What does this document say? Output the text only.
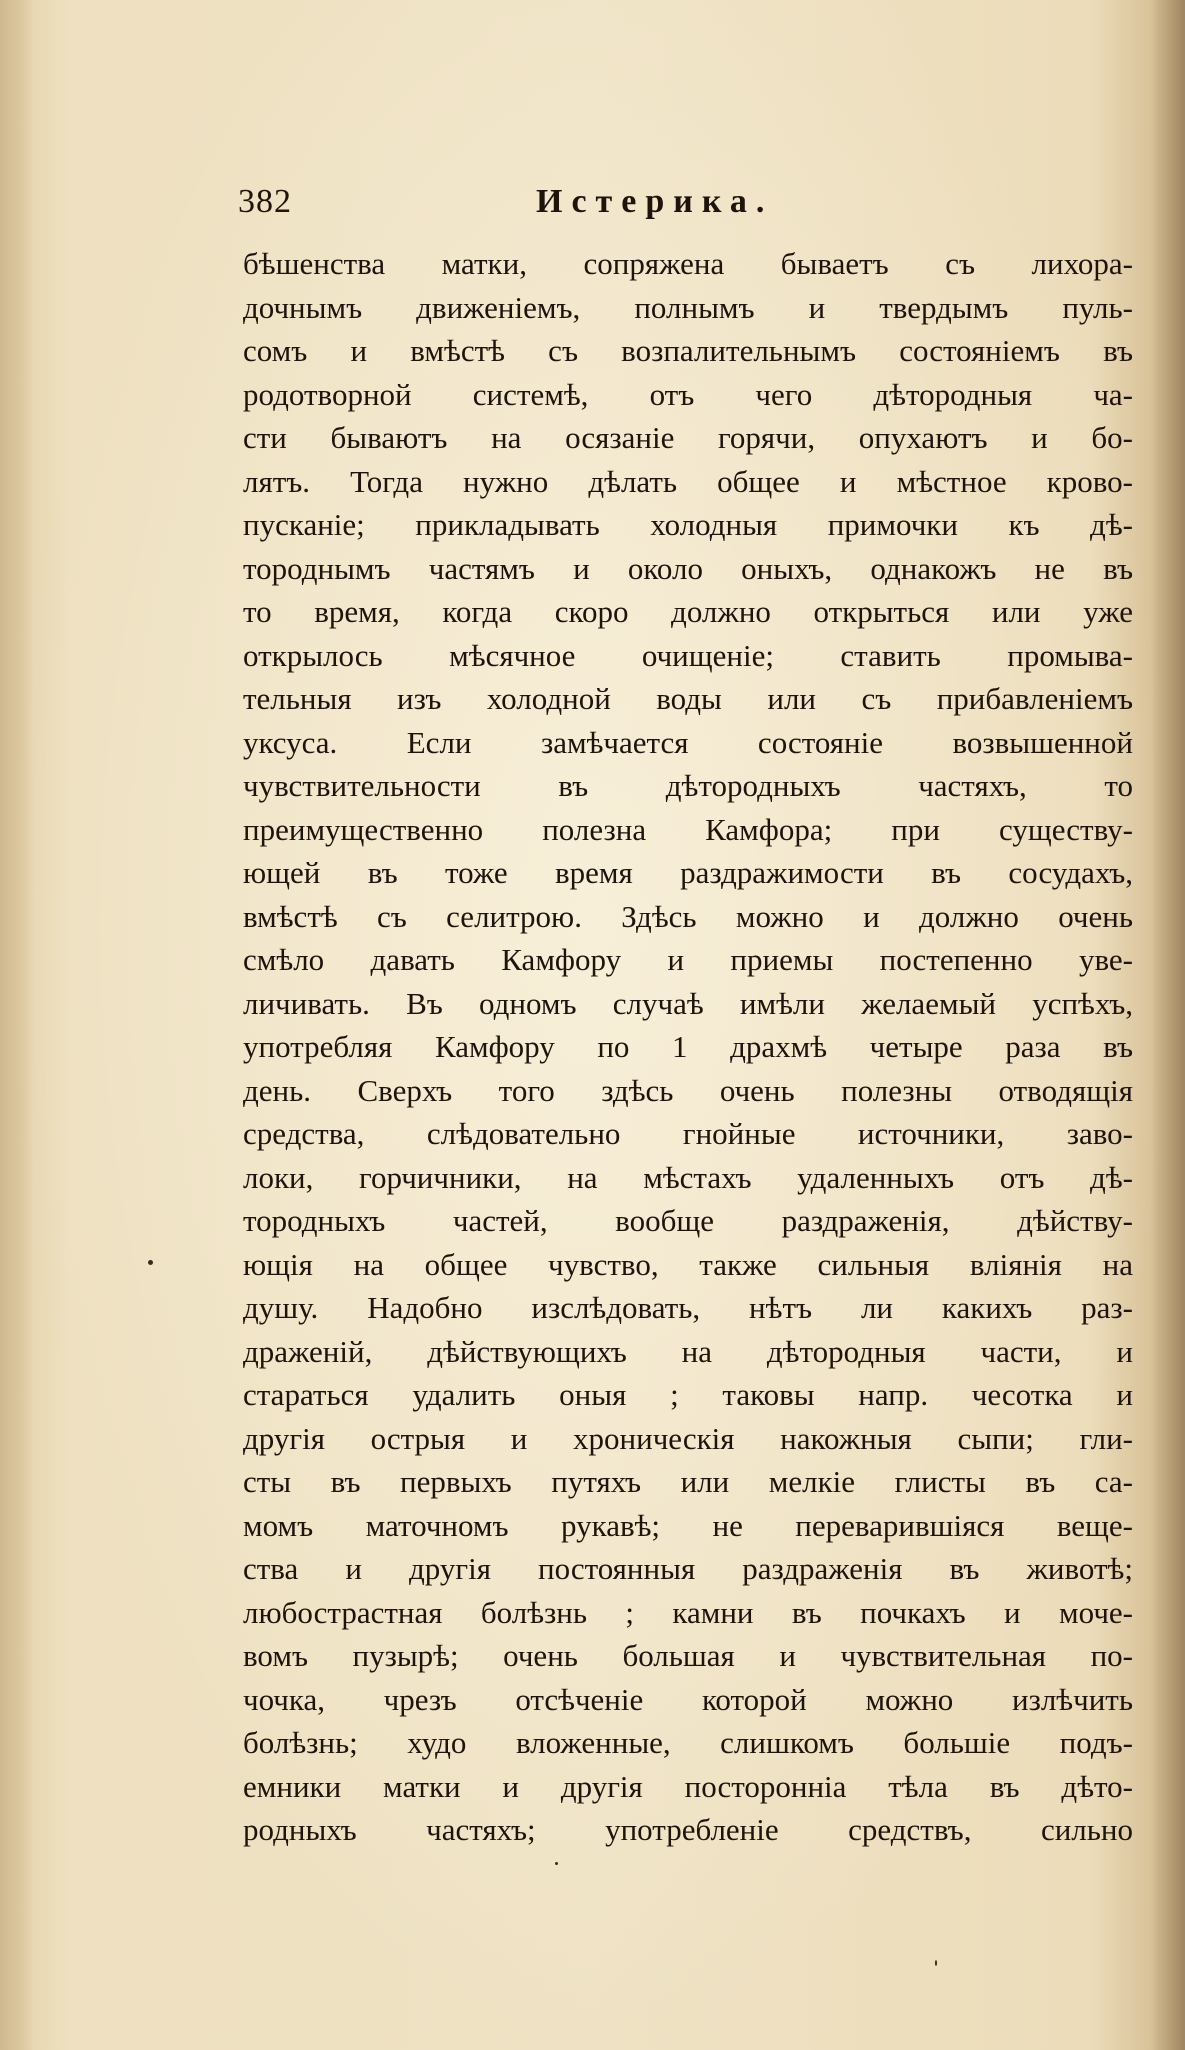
382	Истерика.
бѣшенства матки, сопряжена бываетъ съ лихора-
дочнымъ движеніемъ, полнымъ и твердымъ пуль-
сомъ и вмѣстѣ съ возпалительнымъ состояніемъ въ
родотворной системѣ, отъ чего дѣтородныя ча-
сти бываютъ на осязаніе горячи, опухаютъ и бо-
лятъ. Тогда нужно дѣлать общее и мѣстное крово-
пусканіе; прикладывать холодныя примочки къ дѣ-
тороднымъ частямъ и около оныхъ, однакожъ не въ
то время, когда скоро должно открыться или уже
открылось мѣсячное очищеніе; ставить промыва-
тельныя изъ холодной воды или съ прибавленіемъ
уксуса. Если замѣчается состояніе возвышенной
чувствительности въ дѣтородныхъ частяхъ, то
преимущественно полезна Камфора; при существу-
ющей въ тоже время раздражимости въ сосудахъ,
вмѣстѣ съ селитрою. Здѣсь можно и должно очень
смѣло давать Камфору и приемы постепенно уве-
личивать. Въ одномъ случаѣ имѣли желаемый успѣхъ,
употребляя Камфору по 1 драхмѣ четыре раза въ
день. Сверхъ того здѣсь очень полезны отводящія
средства, слѣдовательно гнойные источники, заво-
локи, горчичники, на мѣстахъ удаленныхъ отъ дѣ-
тородныхъ частей, вообще раздраженія, дѣйству-
ющія на общее чувство, также сильныя вліянія на
душу. Надобно изслѣдовать, нѣтъ ли какихъ раз-
драженій, дѣйствующихъ на дѣтородныя части, и
стараться удалить оныя ; таковы напр. чесотка и
другія острыя и хроническія накожныя сыпи; гли-
сты въ первыхъ путяхъ или мелкіе глисты въ са-
момъ маточномъ рукавѣ; не переварившіяся веще-
ства и другія постоянныя раздраженія въ животѣ;
любострастная болѣзнь ; камни въ почкахъ и моче-
вомъ пузырѣ; очень большая и чувствительная по-
чочка, чрезъ отсѣченіе которой можно излѣчить
болѣзнь; худо вложенные, слишкомъ большіе подъ-
емники матки и другія посторонніа тѣла въ дѣто-
родныхъ частяхъ; употребленіе средствъ, сильно
